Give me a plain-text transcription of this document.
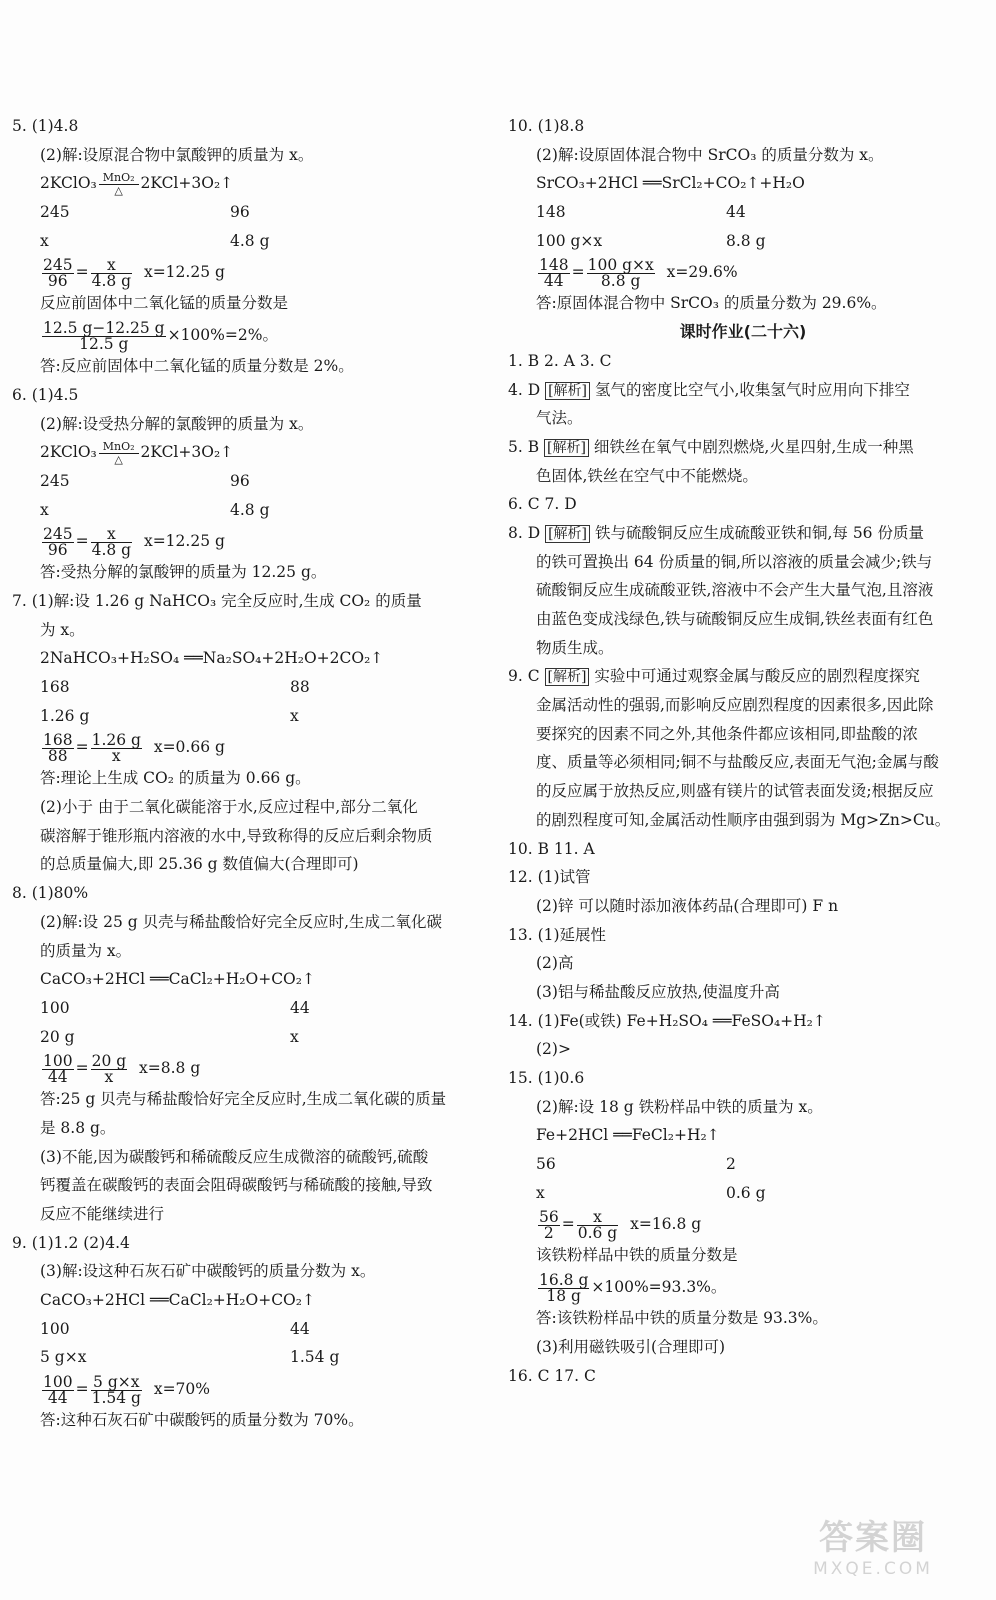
5. (1)4.8
(2)解:设原混合物中氯酸钾的质量为 x。
2KClO₃ MnO₂
△	2KCl+3O₂↑
245	96
x	4.8 g
$\frac{245}{96} = \frac{x}{4.8 g} x=12.25$ g
反应前固体中二氧化锰的质量分数是
$\frac{12.5 g-12.25 g}{12.5 g} \times 100\%=2\%$。
答:反应前固体中二氧化锰的质量分数是 2%。
6. (1)4.5
(2)解:设受热分解的氯酸钾的质量为 x。
2KClO₃ MnO₂
△	2KCl+3O₂↑
245	96
x	4.8 g
$\frac{245}{96} = \frac{x}{4.8 g} x=12.25$ g
答:受热分解的氯酸钾的质量为 12.25 g。
7. (1)解:设 1.26 g NaHCO₃ 完全反应时,生成 CO₂ 的质量
为 x。
2NaHCO₃+H₂SO₄ ══Na₂SO₄+2H₂O+2CO₂↑
168	88
1.26 g	x
$\frac{168}{88} = \frac{1.26 g}{x} x=0.66$ g
答:理论上生成 CO₂ 的质量为 0.66 g。
(2)小于 由于二氧化碳能溶于水,反应过程中,部分二氧化
碳溶解于锥形瓶内溶液的水中,导致称得的反应后剩余物质
的总质量偏大,即 25.36 g 数值偏大(合理即可)
8. (1)80%
(2)解:设 25 g 贝壳与稀盐酸恰好完全反应时,生成二氧化碳
的质量为 x。
CaCO₃+2HCl ══CaCl₂+H₂O+CO₂↑
100	44
20 g	x
$\frac{100}{44} = \frac{20 g}{x} x=8.8$ g
答:25 g 贝壳与稀盐酸恰好完全反应时,生成二氧化碳的质量
是 8.8 g。
(3)不能,因为碳酸钙和稀硫酸反应生成微溶的硫酸钙,硫酸
钙覆盖在碳酸钙的表面会阻碍碳酸钙与稀硫酸的接触,导致
反应不能继续进行
9. (1)1.2 (2)4.4
(3)解:设这种石灰石矿中碳酸钙的质量分数为 x。
CaCO₃+2HCl ══CaCl₂+H₂O+CO₂↑
100	44
5 g×x	1.54 g
$\frac{100}{44} = \frac{5 g\times x}{1.54 g} x=70\%$
答:这种石灰石矿中碳酸钙的质量分数为 70%。
10. (1)8.8
(2)解:设原固体混合物中 SrCO₃ 的质量分数为 x。
SrCO₃+2HCl ══SrCl₂+CO₂↑+H₂O
148	44
100 g×x	8.8 g
$\frac{148}{44} = \frac{100 g\times x}{8.8 g} x=29.6\%$
答:原固体混合物中 SrCO₃ 的质量分数为 29.6%。
课时作业(二十六)
1. B 2. A 3. C
4. D [解析] 氢气的密度比空气小,收集氢气时应用向下排空
气法。
5. B [解析] 细铁丝在氧气中剧烈燃烧,火星四射,生成一种黑
色固体,铁丝在空气中不能燃烧。
6. C 7. D
8. D [解析] 铁与硫酸铜反应生成硫酸亚铁和铜,每 56 份质量
的铁可置换出 64 份质量的铜,所以溶液的质量会减少;铁与
硫酸铜反应生成硫酸亚铁,溶液中不会产生大量气泡,且溶液
由蓝色变成浅绿色,铁与硫酸铜反应生成铜,铁丝表面有红色
物质生成。
9. C [解析] 实验中可通过观察金属与酸反应的剧烈程度探究
金属活动性的强弱,而影响反应剧烈程度的因素很多,因此除
要探究的因素不同之外,其他条件都应该相同,即盐酸的浓
度、质量等必须相同;铜不与盐酸反应,表面无气泡;金属与酸
的反应属于放热反应,则盛有镁片的试管表面发烫;根据反应
的剧烈程度可知,金属活动性顺序由强到弱为 Mg>Zn>Cu。
10. B 11. A
12. (1)试管
(2)锌 可以随时添加液体药品(合理即可) F n
13. (1)延展性
(2)高
(3)铝与稀盐酸反应放热,使温度升高
14. (1)Fe(或铁) Fe+H₂SO₄ ══FeSO₄+H₂↑
(2)>
15. (1)0.6
(2)解:设 18 g 铁粉样品中铁的质量为 x。
Fe+2HCl ══FeCl₂+H₂↑
56	2
x	0.6 g
$\frac{56}{2} = \frac{x}{0.6 g} x=16.8$ g
该铁粉样品中铁的质量分数是
$\frac{16.8 g}{18 g} \times 100\%=93.3\%$。
答:该铁粉样品中铁的质量分数是 93.3%。
(3)利用磁铁吸引(合理即可)
16. C 17. C
答案圈
MXQE.COM
